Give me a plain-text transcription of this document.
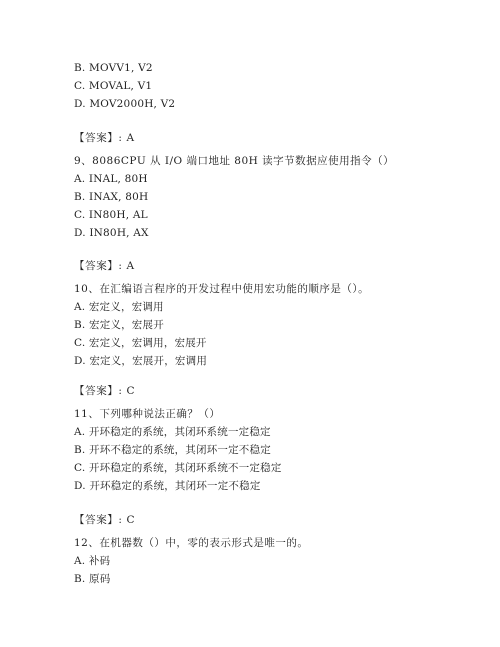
B. MOVV1, V2
C. MOVAL, V1
D. MOV2000H, V2
【答案】: A
9、8086CPU 从 I/O 端口地址 80H 读字节数据应使用指令（）
A. INAL, 80H
B. INAX, 80H
C. IN80H, AL
D. IN80H, AX
【答案】: A
10、在汇编语言程序的开发过程中使用宏功能的顺序是（）。
A. 宏定义，宏调用
B. 宏定义，宏展开
C. 宏定义，宏调用，宏展开
D. 宏定义，宏展开，宏调用
【答案】: C
11、下列哪种说法正确？（）
A. 开环稳定的系统，其闭环系统一定稳定
B. 开环不稳定的系统，其闭环一定不稳定
C. 开环稳定的系统，其闭环系统不一定稳定
D. 开环稳定的系统，其闭环一定不稳定
【答案】: C
12、在机器数（）中，零的表示形式是唯一的。
A. 补码
B. 原码
